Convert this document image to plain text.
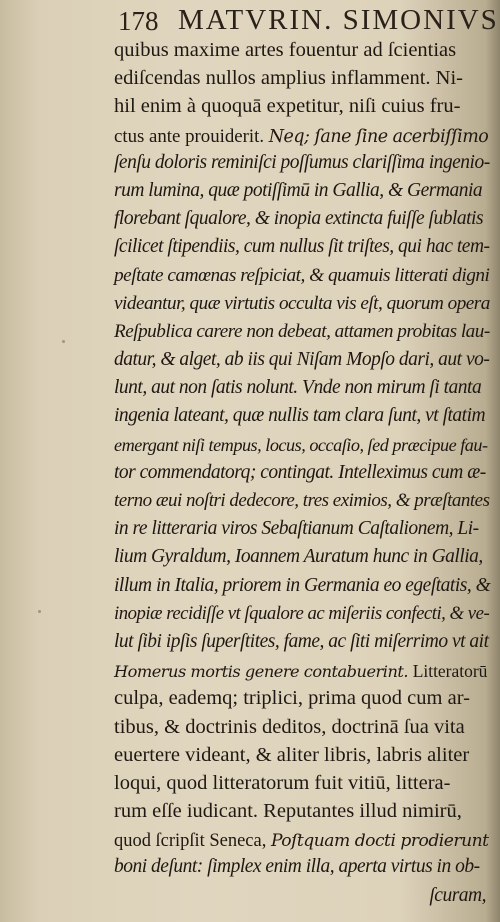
178 MATVRIN. SIMONIVS
quibus maxime artes fouentur ad ſcientias
ediſcendas nullos amplius inflamment. Ni-
hil enim à quoquā expetitur, niſi cuius fru-
ctus ante prouiderit. Neq; ſane ſine acerbiſſimo
ſenſu doloris reminiſci poſſumus clariſſima ingenio-
rum lumina, quæ potiſſimū in Gallia, & Germania
florebant ſqualore, & inopia extincta fuiſſe ſublatis
ſcilicet ſtipendiis, cum nullus ſit triſtes, qui hac tem-
peſtate camœnas reſpiciat, & quamuis litterati digni
videantur, quæ virtutis occulta vis eſt, quorum opera
Reſpublica carere non debeat, attamen probitas lau-
datur, & alget, ab iis qui Niſam Mopſo dari, aut vo-
lunt, aut non ſatis nolunt. Vnde non mirum ſi tanta
ingenia lateant, quæ nullis tam clara ſunt, vt ſtatim
emergant niſi tempus, locus, occaſio, ſed præcipue fau-
tor commendatorq; contingat. Intelleximus cum æ-
terno æui noſtri dedecore, tres eximios, & præſtantes
in re litteraria viros Sebaſtianum Caſtalionem, Li-
lium Gyraldum, Ioannem Auratum hunc in Gallia,
illum in Italia, priorem in Germania eo egeſtatis, &
inopiæ recidiſſe vt ſqualore ac miſeriis confecti, & ve-
lut ſibi ipſis ſuperſtites, fame, ac ſiti miſerrimo vt ait
Homerus mortis genere contabuerint. Litteratorū
culpa, eademq; triplici, prima quod cum ar-
tibus, & doctrinis deditos, doctrinā ſua vita
euertere videant, & aliter libris, labris aliter
loqui, quod litteratorum fuit vitiū, littera-
rum eſſe iudicant. Reputantes illud nimirū,
quod ſcripſit Seneca, Poſtquam docti prodierunt
boni deſunt: ſimplex enim illa, aperta virtus in ob-
ſcuram,
